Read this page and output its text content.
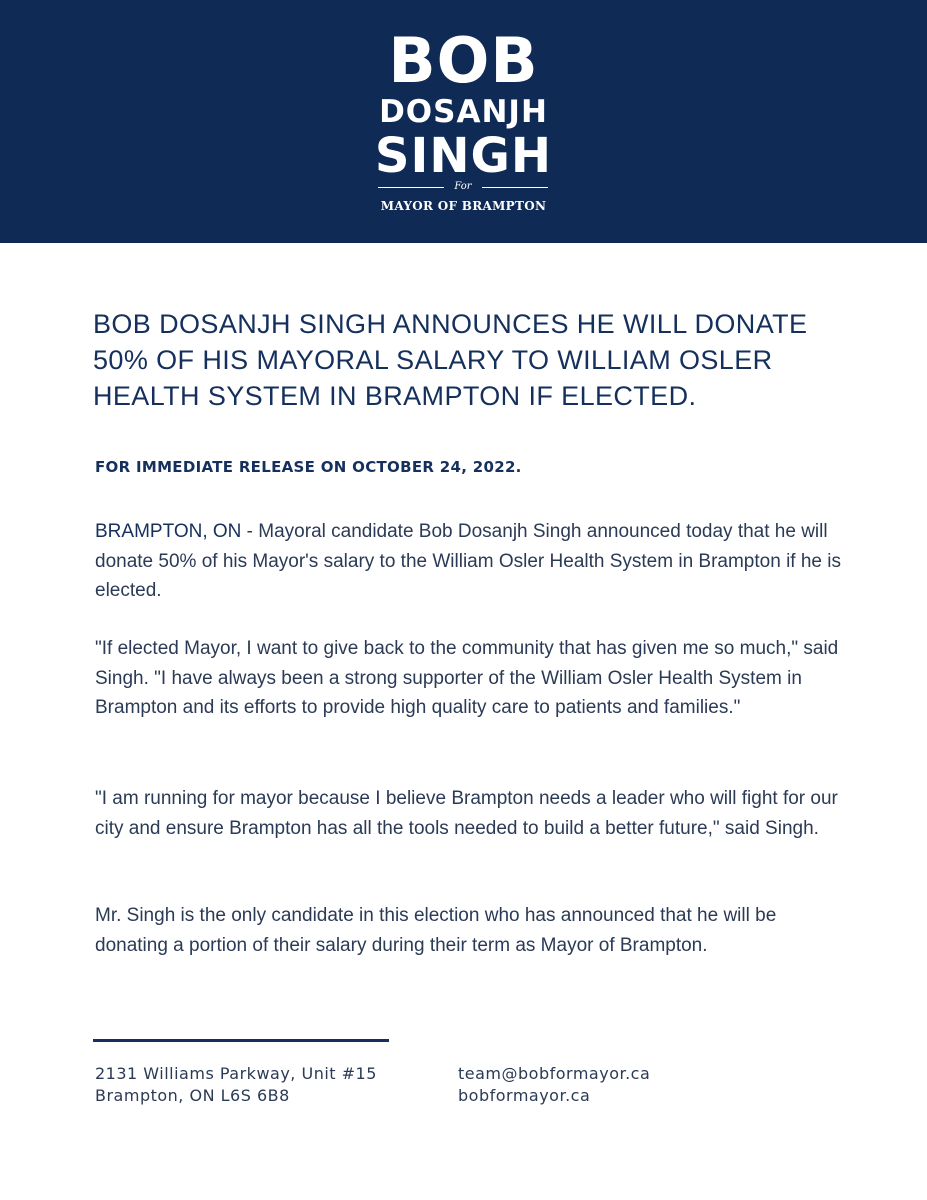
BOB
DOSANJH
SINGH
For
MAYOR OF BRAMPTON
BOB DOSANJH SINGH ANNOUNCES HE WILL DONATE 50% OF HIS MAYORAL SALARY TO WILLIAM OSLER HEALTH SYSTEM IN BRAMPTON IF ELECTED.
FOR IMMEDIATE RELEASE ON OCTOBER 24, 2022.

BRAMPTON, ON - Mayoral candidate Bob Dosanjh Singh announced today that he will donate 50% of his Mayor's salary to the William Osler Health System in Brampton if he is elected.

"If elected Mayor, I want to give back to the community that has given me so much," said Singh. "I have always been a strong supporter of the William Osler Health System in Brampton and its efforts to provide high quality care to patients and families."

"I am running for mayor because I believe Brampton needs a leader who will fight for our city and ensure Brampton has all the tools needed to build a better future," said Singh.

Mr. Singh is the only candidate in this election who has announced that he will be donating a portion of their salary during their term as Mayor of Brampton.

2131 Williams Parkway, Unit #15
Brampton, ON L6S 6B8
team@bobformayor.ca
bobformayor.ca
